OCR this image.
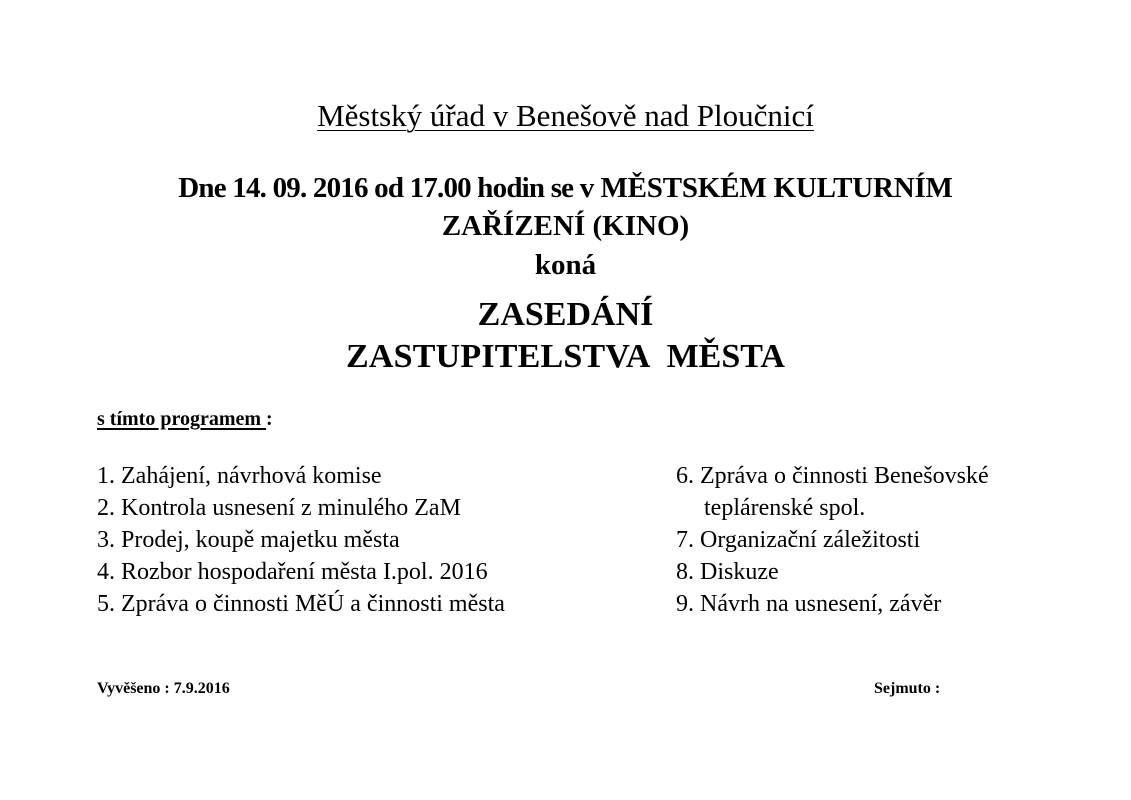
Městský úřad v Benešově nad Ploučnicí
Dne 14. 09. 2016 od 17.00 hodin se v MĚSTSKÉM KULTURNÍM
ZAŘÍZENÍ (KINO)
koná
ZASEDÁNÍ
ZASTUPITELSTVA MĚSTA
s tímto programem :
1. Zahájení, návrhová komise
2. Kontrola usnesení z minulého ZaM
3. Prodej, koupě majetku města
4. Rozbor hospodaření města I.pol. 2016
5. Zpráva o činnosti MěÚ a činnosti města
6. Zpráva o činnosti Benešovské
teplárenské spol.
7. Organizační záležitosti
8. Diskuze
9. Návrh na usnesení, závěr
Vyvěšeno : 7.9.2016	Sejmuto :
